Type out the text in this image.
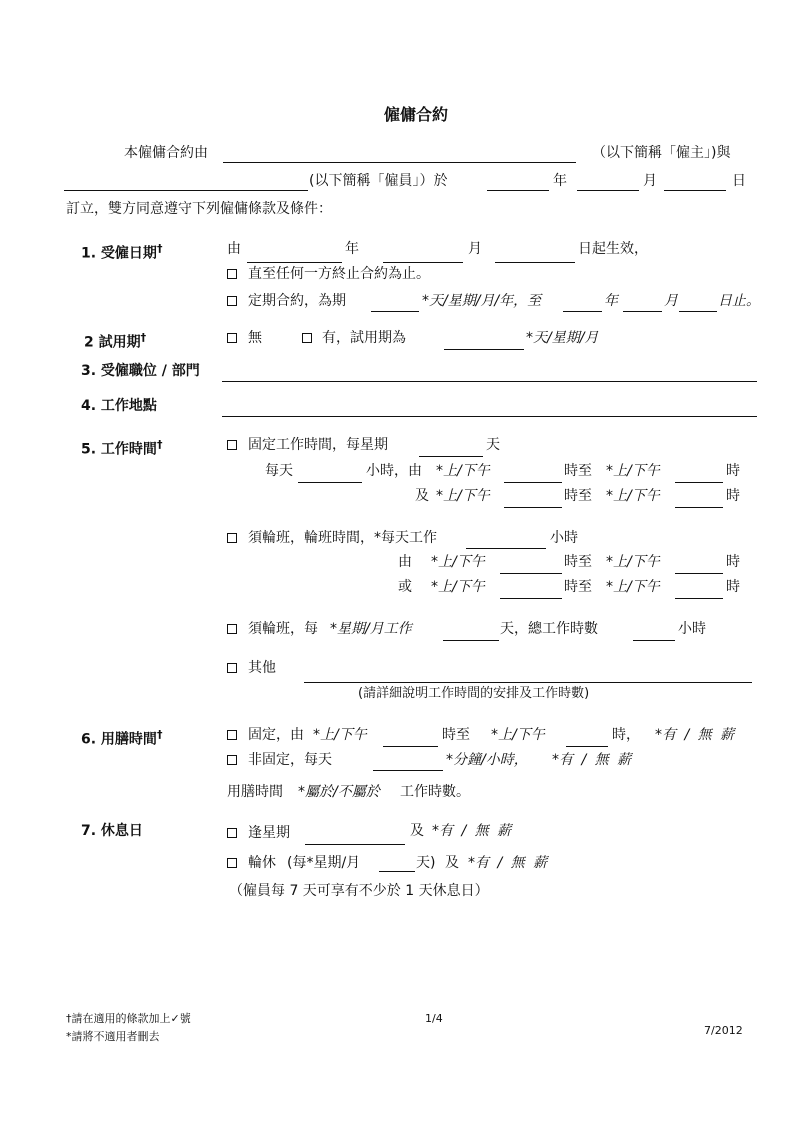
僱傭合約
本僱傭合約由	（以下簡稱「僱主」)與
(以下簡稱「僱員」）於	年	月	日
訂立，雙方同意遵守下列僱傭條款及條件：
1. 受僱日期†	由	年	月	日起生效，
直至任何一方終止合約為止。
定期合約，為期	*天/星期/月/年，至	年	月	日止。
2 試用期†	無	有，試用期為	*天/星期/月
3. 受僱職位 / 部門
4. 工作地點
5. 工作時間†	固定工作時間，每星期	天
每天	小時，由 *上/下午	時至 *上/下午	時
及 *上/下午	時至 *上/下午	時
須輪班，輪班時間，*每天工作	小時
由 *上/下午	時至 *上/下午	時
或 *上/下午	時至 *上/下午	時
須輪班，每 *星期/月工作	天，總工作時數	小時
其他
(請詳細說明工作時間的安排及工作時數)
6. 用膳時間†	固定，由 *上/下午	時至 *上/下午	時， *有 / 無 薪
非固定，每天	*分鐘/小時， *有 / 無 薪
用膳時間 *屬於/不屬於 工作時數。
7. 休息日	逢星期	及 *有 / 無 薪
輪休 (每*星期/月	天) 及 *有 / 無 薪
（僱員每 7 天可享有不少於 1 天休息日）
†請在適用的條款加上✓號
*請將不適用者刪去
1/4
7/2012
